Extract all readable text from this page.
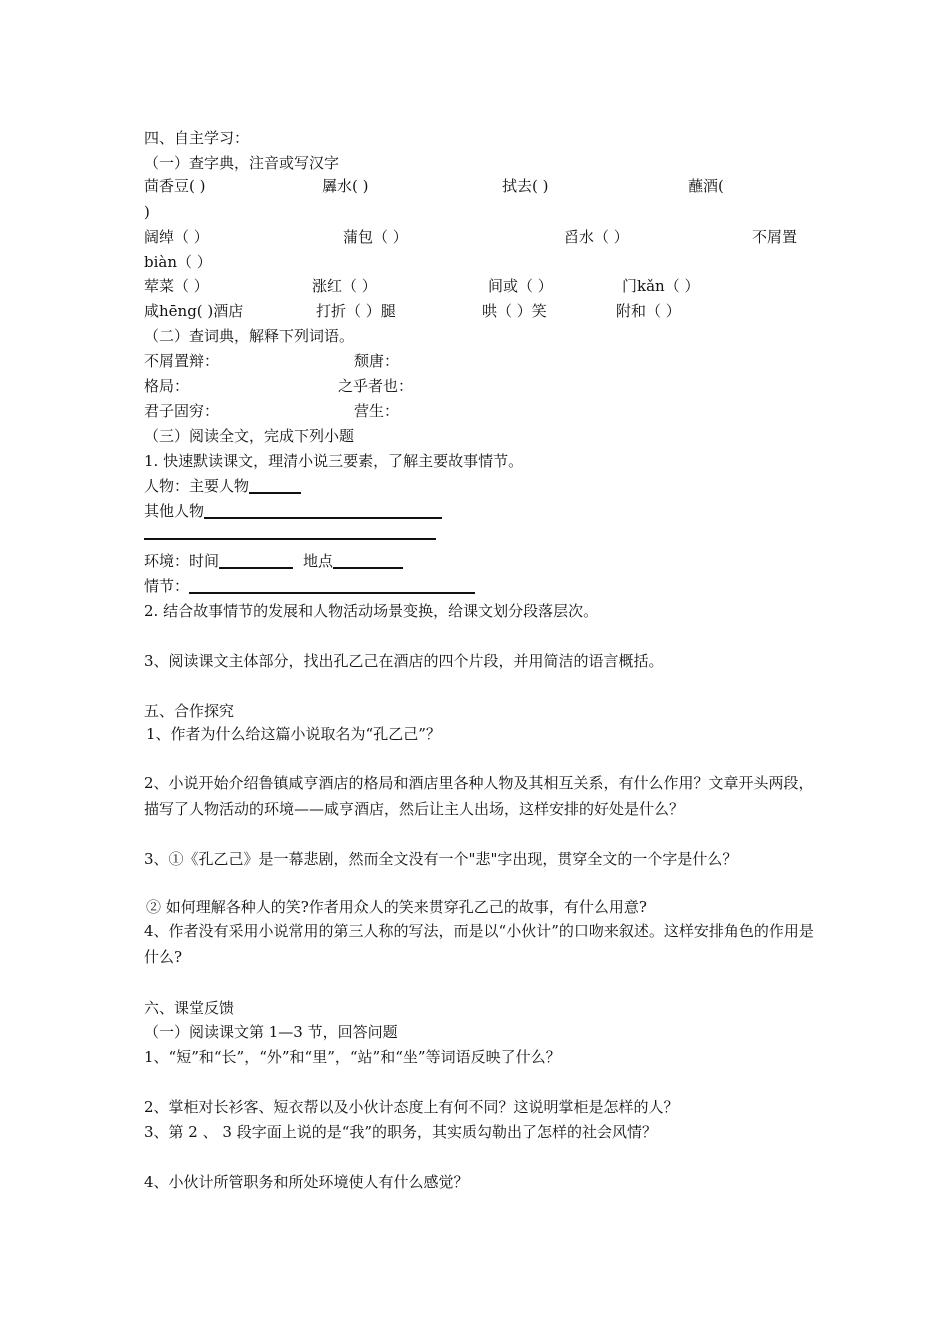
四、自主学习：
（一）查字典，注音或写汉字
茴香豆( )	羼水( )	拭去( )	蘸酒(
)
阔绰（ ）	蒲包（ ）	舀水（ ）	不屑置
biàn（ ）
荤菜（ ）	涨红（ ）	间或（ ）	门kǎn（ ）
咸hēng( )酒店	打折（ ）腿	哄（ ）笑	附和（ ）
（二）查词典，解释下列词语。
不屑置辩：	颓唐：
格局：	之乎者也：
君子固穷：	营生：
（三）阅读全文，完成下列小题
1. 快速默读课文，理清小说三要素，了解主要故事情节。
人物：主要人物
其他人物
环境：时间	地点
情节：
2. 结合故事情节的发展和人物活动场景变换，给课文划分段落层次。
3、阅读课文主体部分，找出孔乙己在酒店的四个片段，并用简洁的语言概括。
五、合作探究
1、作者为什么给这篇小说取名为“孔乙己”？
2、小说开始介绍鲁镇咸亨酒店的格局和酒店里各种人物及其相互关系，有什么作用？文章开头两段，描写了人物活动的环境——咸亨酒店，然后让主人出场，这样安排的好处是什么？
3、①《孔乙己》是一幕悲剧，然而全文没有一个"悲"字出现，贯穿全文的一个字是什么？
② 如何理解各种人的笑?作者用众人的笑来贯穿孔乙己的故事，有什么用意?
4、作者没有采用小说常用的第三人称的写法，而是以“小伙计”的口吻来叙述。这样安排角色的作用是什么?
六、课堂反馈
（一）阅读课文第 1—3 节，回答问题
1、“短”和“长”，“外”和“里”，“站”和“坐”等词语反映了什么？
2、掌柜对长衫客、短衣帮以及小伙计态度上有何不同？这说明掌柜是怎样的人？
3、第 2 、 3 段字面上说的是“我”的职务，其实质勾勒出了怎样的社会风情？
4、小伙计所管职务和所处环境使人有什么感觉？
